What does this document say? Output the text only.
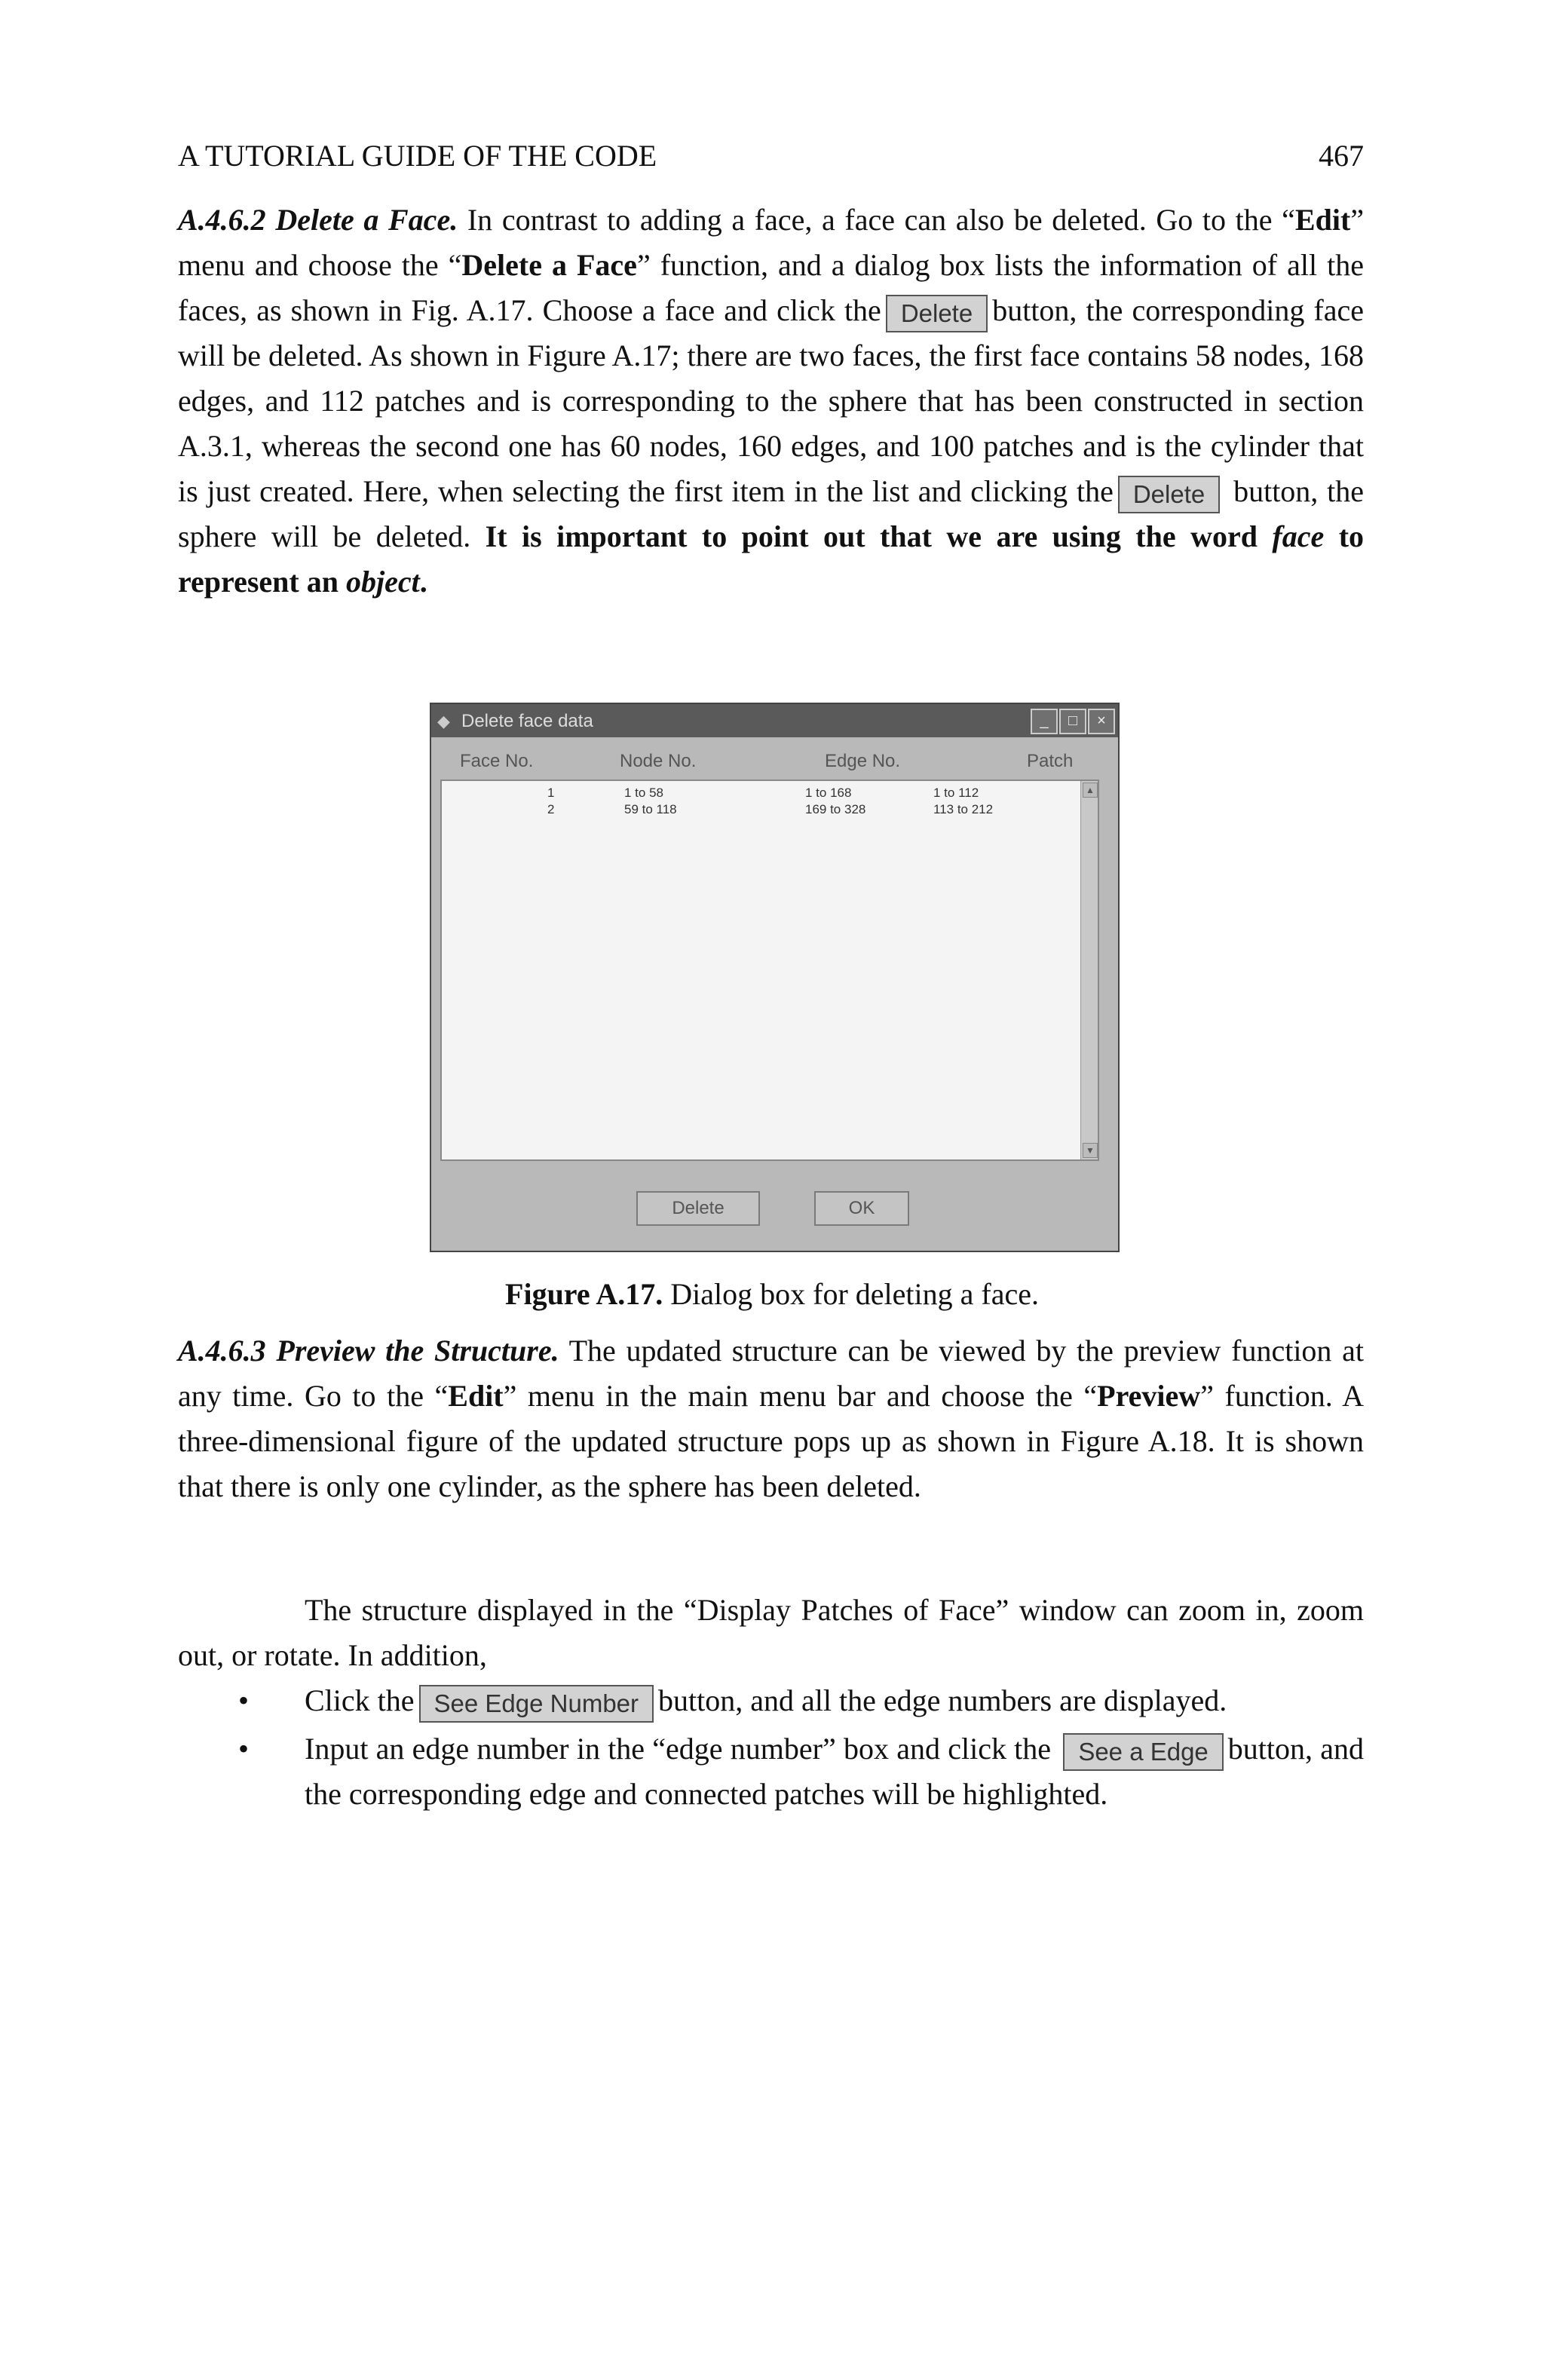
A TUTORIAL GUIDE OF THE CODE	467
A.4.6.2 Delete a Face. In contrast to adding a face, a face can also be deleted. Go to the “Edit” menu and choose the “Delete a Face” function, and a dialog box lists the information of all the faces, as shown in Fig. A.17. Choose a face and click the Delete button, the corresponding face will be deleted. As shown in Figure A.17; there are two faces, the first face contains 58 nodes, 168 edges, and 112 patches and is corresponding to the sphere that has been constructed in section A.3.1, whereas the second one has 60 nodes, 160 edges, and 100 patches and is the cylinder that is just created. Here, when selecting the first item in the list and clicking the Delete button, the sphere will be deleted. It is important to point out that we are using the word face to represent an object.
◆ Delete face data	_	□	×
Face No.	Node No.	Edge No.	Patch
1	1 to 58	1 to 168	1 to 112
2	59 to 118	169 to 328	113 to 212
▲
▼
Delete	OK
Figure A.17. Dialog box for deleting a face.
A.4.6.3 Preview the Structure. The updated structure can be viewed by the preview function at any time. Go to the “Edit” menu in the main menu bar and choose the “Preview” function. A three-dimensional figure of the updated structure pops up as shown in Figure A.18. It is shown that there is only one cylinder, as the sphere has been deleted.
The structure displayed in the “Display Patches of Face” window can zoom in, zoom out, or rotate. In addition,
• Click the See Edge Number button, and all the edge numbers are displayed.
• Input an edge number in the “edge number” box and click the See a Edge button, and the corresponding edge and connected patches will be highlighted.
